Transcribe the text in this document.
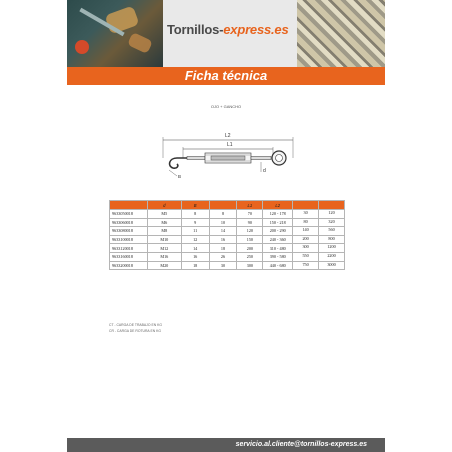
Tornillos-express.es
Ficha técnica
OJO + GANCHO
L2
L1
d
B
	d	B		L1	L2		
9633050018	M5	8	8	70	120 - 178	30	120
9633060018	M6	9	10	90	150 - 218	80	320
9633080018	M8	11	14	120	200 - 290	140	560
9633100018	M10	12	16	150	240 - 360	200	800
9633120018	M12	14	18	200	310 - 480	300	1200
9633160018	M16	16	26	250	390 - 580	550	2200
9633200018	M20	18	30	300	440 - 680	750	3000
CT - CARGA DE TRABAJO EN KG
CR - CARGA DE ROTURA EN KG
servicio.al.cliente@tornillos-express.es
